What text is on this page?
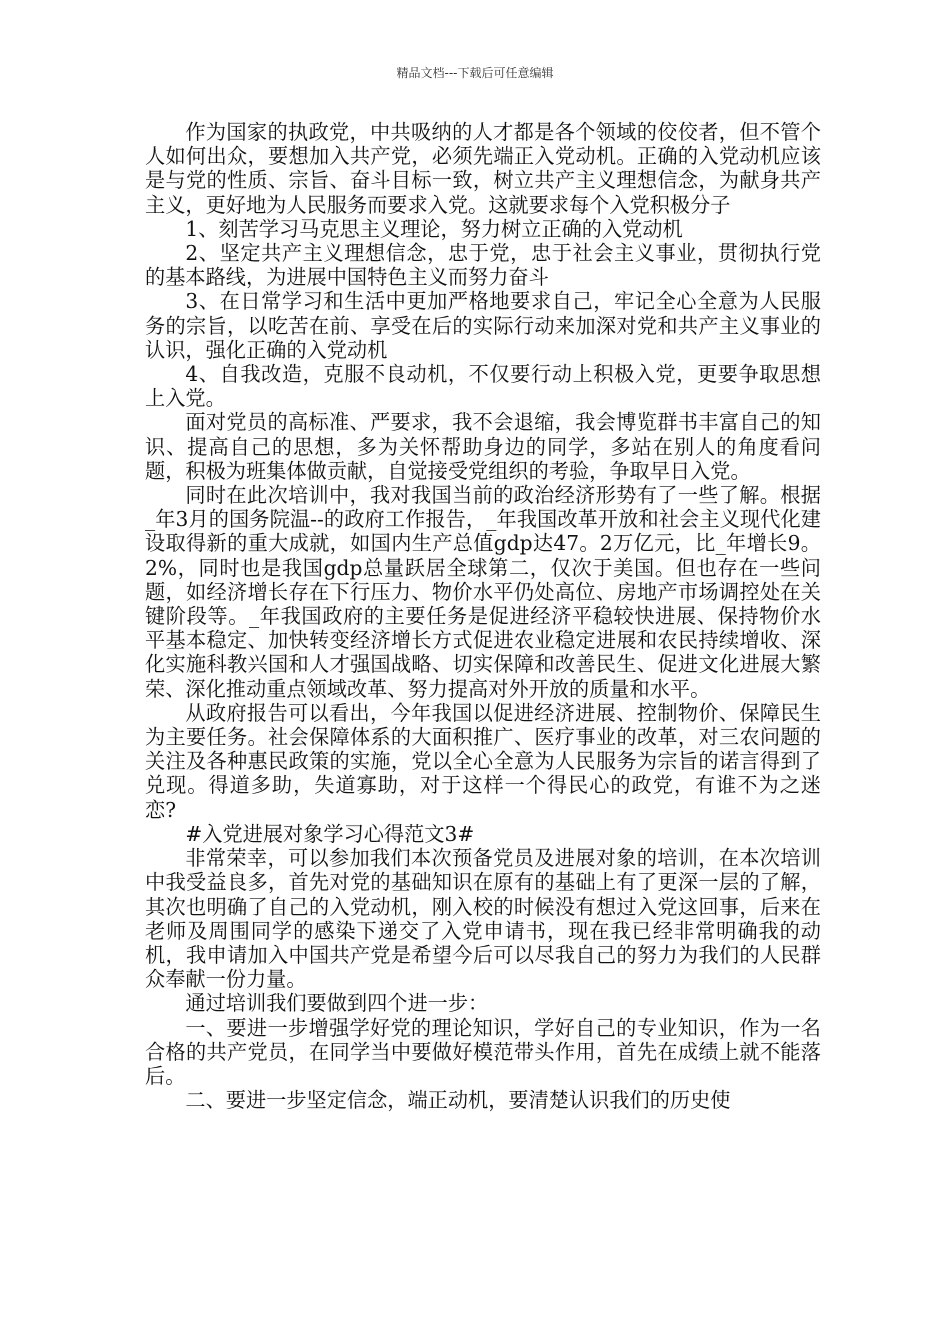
精品文档---下载后可任意编辑

作为国家的执政党，中共吸纳的人才都是各个领域的佼佼者，但不管个人如何出众，要想加入共产党，必须先端正入党动机。正确的入党动机应该是与党的性质、宗旨、奋斗目标一致，树立共产主义理想信念，为献身共产主义，更好地为人民服务而要求入党。这就要求每个入党积极分子

1、刻苦学习马克思主义理论，努力树立正确的入党动机

2、坚定共产主义理想信念，忠于党，忠于社会主义事业，贯彻执行党的基本路线，为进展中国特色主义而努力奋斗

3、在日常学习和生活中更加严格地要求自己，牢记全心全意为人民服务的宗旨，以吃苦在前、享受在后的实际行动来加深对党和共产主义事业的认识，强化正确的入党动机

4、自我改造，克服不良动机，不仅要行动上积极入党，更要争取思想上入党。

面对党员的高标准、严要求，我不会退缩，我会博览群书丰富自己的知识、提高自己的思想，多为关怀帮助身边的同学，多站在别人的角度看问题，积极为班集体做贡献，自觉接受党组织的考验，争取早日入党。

同时在此次培训中，我对我国当前的政治经济形势有了一些了解。根据_年3月的国务院温--的政府工作报告，_年我国改革开放和社会主义现代化建设取得新的重大成就，如国内生产总值gdp达47。2万亿元，比_年增长9。2%，同时也是我国gdp总量跃居全球第二，仅次于美国。但也存在一些问题，如经济增长存在下行压力、物价水平仍处高位、房地产市场调控处在关键阶段等。_年我国政府的主要任务是促进经济平稳较快进展、保持物价水平基本稳定、加快转变经济增长方式促进农业稳定进展和农民持续增收、深化实施科教兴国和人才强国战略、切实保障和改善民生、促进文化进展大繁荣、深化推动重点领域改革、努力提高对外开放的质量和水平。

从政府报告可以看出，今年我国以促进经济进展、控制物价、保障民生为主要任务。社会保障体系的大面积推广、医疗事业的改革，对三农问题的关注及各种惠民政策的实施，党以全心全意为人民服务为宗旨的诺言得到了兑现。得道多助，失道寡助，对于这样一个得民心的政党，有谁不为之迷恋?

#入党进展对象学习心得范文3#

非常荣幸，可以参加我们本次预备党员及进展对象的培训，在本次培训中我受益良多，首先对党的基础知识在原有的基础上有了更深一层的了解，其次也明确了自己的入党动机，刚入校的时候没有想过入党这回事，后来在老师及周围同学的感染下递交了入党申请书，现在我已经非常明确我的动机，我申请加入中国共产党是希望今后可以尽我自己的努力为我们的人民群众奉献一份力量。

通过培训我们要做到四个进一步：

一、要进一步增强学好党的理论知识，学好自己的专业知识，作为一名合格的共产党员，在同学当中要做好模范带头作用，首先在成绩上就不能落后。

二、要进一步坚定信念，端正动机，要清楚认识我们的历史使
